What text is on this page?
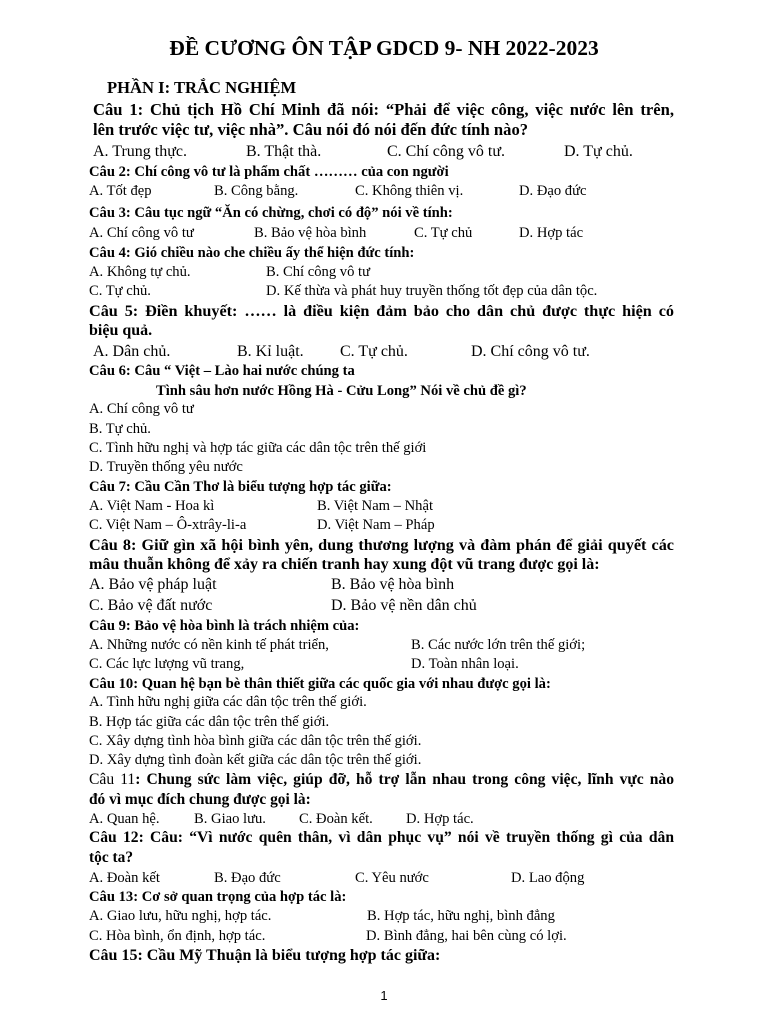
ĐỀ CƯƠNG ÔN TẬP GDCD 9- NH 2022-2023
PHẦN I: TRẮC NGHIỆM
Câu 1: Chủ tịch Hồ Chí Minh đã nói: “Phải để việc công, việc nước lên trên,
lên trước việc tư, việc nhà”. Câu nói đó nói đến đức tính nào?
A. Trung thực.	B. Thật thà.	C. Chí công vô tư.	D. Tự chủ.
Câu 2: Chí công vô tư là phẩm chất ……… của con người
A. Tốt đẹp	B. Công bằng.	C. Không thiên vị.	D. Đạo đức
Câu 3: Câu tục ngữ “Ăn có chừng, chơi có độ” nói về tính:
A. Chí công vô tư	B. Bảo vệ hòa bình	C. Tự chủ	D. Hợp tác
Câu 4: Gió chiều nào che chiều ấy thể hiện đức tính:
A. Không tự chủ.	B. Chí công vô tư
C. Tự chủ.	D. Kế thừa và phát huy truyền thống tốt đẹp của dân tộc.
Câu 5: Điền khuyết: …… là điều kiện đảm bảo cho dân chủ được thực hiện có
biệu quả.
A. Dân chủ.	B. Kỉ luật. C. Tự chủ.	D. Chí công vô tư.
Câu 6: Câu “ Việt – Lào hai nước chúng ta
Tình sâu hơn nước Hồng Hà - Cửu Long” Nói về chủ đề gì?
A. Chí công vô tư
B. Tự chủ.
C. Tình hữu nghị và hợp tác giữa các dân tộc trên thế giới
D. Truyền thống yêu nước
Câu 7: Cầu Cần Thơ là biểu tượng hợp tác giữa:
A. Việt Nam - Hoa kì	B. Việt Nam – Nhật
C. Việt Nam – Ô-xtrây-li-a	D. Việt Nam – Pháp
Câu 8: Giữ gìn xã hội bình yên, dung thương lượng và đàm phán để giải quyết các
mâu thuẫn không để xảy ra chiến tranh hay xung đột vũ trang được gọi là:
A. Bảo vệ pháp luật	B. Bảo vệ hòa bình
C. Bảo vệ đất nước	D. Bảo vệ nền dân chủ
Câu 9: Bảo vệ hòa bình là trách nhiệm của:
A. Những nước có nền kinh tế phát triển,	B. Các nước lớn trên thế giới;
C. Các lực lượng vũ trang,	D. Toàn nhân loại.
Câu 10: Quan hệ bạn bè thân thiết giữa các quốc gia với nhau được gọi là:
A. Tình hữu nghị giữa các dân tộc trên thế giới.
B. Hợp tác giữa các dân tộc trên thế giới.
C. Xây dựng tình hòa bình giữa các dân tộc trên thế giới.
D. Xây dựng tình đoàn kết giữa các dân tộc trên thế giới.
Câu 11: Chung sức làm việc, giúp đỡ, hỗ trợ lẫn nhau trong công việc, lĩnh vực nào
đó vì mục đích chung được gọi là:
A. Quan hệ. B. Giao lưu. C. Đoàn kết. D. Hợp tác.
Câu 12: Câu: “Vì nước quên thân, vì dân phục vụ” nói về truyền thống gì của dân
tộc ta?
A. Đoàn kết	B. Đạo đức	C. Yêu nước	D. Lao động
Câu 13: Cơ sở quan trọng của hợp tác là:
A. Giao lưu, hữu nghị, hợp tác.	B. Hợp tác, hữu nghị, bình đẳng
C. Hòa bình, ổn định, hợp tác.	D. Bình đẳng, hai bên cùng có lợi.
Câu 15: Cầu Mỹ Thuận là biểu tượng hợp tác giữa:
1
